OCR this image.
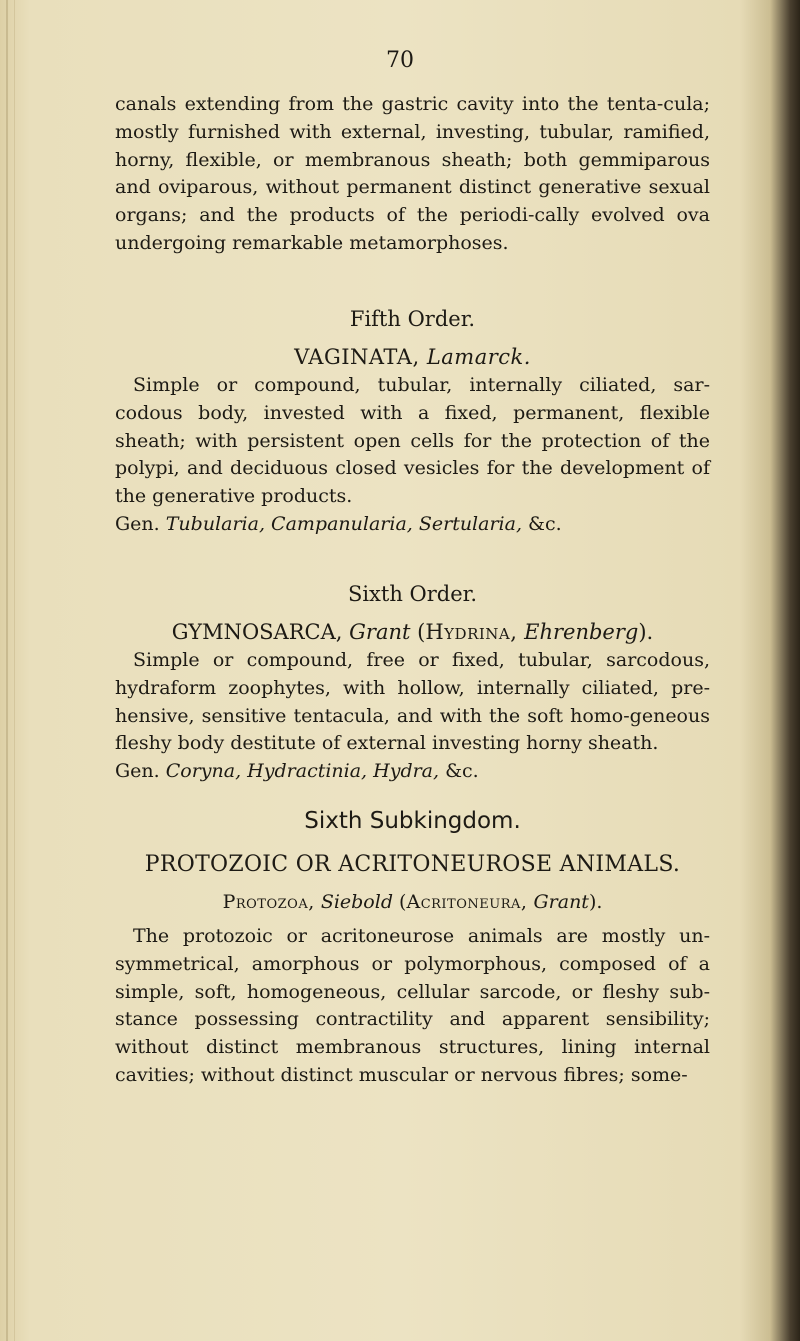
70
canals extending from the gastric cavity into the tenta-cula; mostly furnished with external, investing, tubular, ramified, horny, flexible, or membranous sheath; both gemmiparous and oviparous, without permanent distinct generative sexual organs; and the products of the periodi-cally evolved ova undergoing remarkable metamorphoses.
Fifth Order.
VAGINATA, Lamarck.
Simple or compound, tubular, internally ciliated, sar-codous body, invested with a fixed, permanent, flexible sheath; with persistent open cells for the protection of the polypi, and deciduous closed vesicles for the development of the generative products.
Gen. Tubularia, Campanularia, Sertularia, &c.
Sixth Order.
GYMNOSARCA, Grant (Hydrina, Ehrenberg).
Simple or compound, free or fixed, tubular, sarcodous, hydraform zoophytes, with hollow, internally ciliated, pre-hensive, sensitive tentacula, and with the soft homo-geneous fleshy body destitute of external investing horny sheath.
Gen. Coryna, Hydractinia, Hydra, &c.
Sixth Subkingdom.
PROTOZOIC OR ACRITONEUROSE ANIMALS.
Protozoa, Siebold (Acritoneura, Grant).
The protozoic or acritoneurose animals are mostly un-symmetrical, amorphous or polymorphous, composed of a simple, soft, homogeneous, cellular sarcode, or fleshy sub-stance possessing contractility and apparent sensibility; without distinct membranous structures, lining internal cavities; without distinct muscular or nervous fibres; some-
